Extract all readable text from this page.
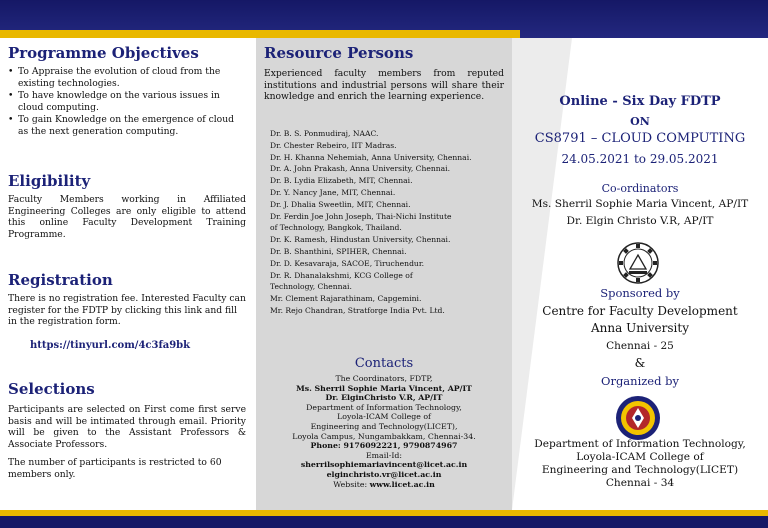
Programme Objectives
• To Appraise the evolution of cloud from the existing technologies.
• To have knowledge on the various issues in cloud computing.
• To gain Knowledge on the emergence of cloud as the next generation computing.
Eligibility
Faculty Members working in Affiliated Engineering Colleges are only eligible to attend this online Faculty Development Training Programme.
Registration
There is no registration fee. Interested Faculty can register for the FDTP by clicking this link and fill in the registration form.
https://tinyurl.com/4c3fa9bk
Selections
Participants are selected on First come first serve basis and will be intimated through email. Priority will be given to the Assistant Professors & Associate Professors.
The number of participants is restricted to 60 members only.
Resource Persons
Experienced faculty members from reputed institutions and industrial persons will share their knowledge and enrich the learning experience.
Dr. B. S. Ponmudiraj, NAAC.
Dr. Chester Rebeiro, IIT Madras.
Dr. H. Khanna Nehemiah, Anna University, Chennai.
Dr. A. John Prakash, Anna University, Chennai.
Dr. B. Lydia Elizabeth, MIT, Chennai.
Dr. Y. Nancy Jane, MIT, Chennai.
Dr. J. Dhalia Sweetlin, MIT, Chennai.
Dr. Ferdin Joe John Joseph, Thai-Nichi Institute
of Technology, Bangkok, Thailand.
Dr. K. Ramesh, Hindustan University, Chennai.
Dr. B. Shanthini, SPIHER, Chennai.
Dr. D. Kesavaraja, SACOE, Tiruchendur.
Dr. R. Dhanalakshmi, KCG College of
Technology, Chennai.
Mr. Clement Rajarathinam, Capgemini.
Mr. Rejo Chandran, Stratforge India Pvt. Ltd.
Contacts
The Coordinators, FDTP,
Ms. Sherril Sophie Maria Vincent, AP/IT
Dr. ElginChristo V.R, AP/IT
Department of Information Technology,
Loyola-ICAM College of
Engineering and Technology(LICET),
Loyola Campus, Nungambakkam, Chennai-34.
Phone: 9176092221, 9790874967
Email-Id:
sherrilsophiemariavincent@licet.ac.in
elginchristo.vr@licet.ac.in
Website: www.licet.ac.in
Online - Six Day FDTP
ON
CS8791 – CLOUD COMPUTING
24.05.2021 to 29.05.2021
Co-ordinators
Ms. Sherril Sophie Maria Vincent, AP/IT
Dr. Elgin Christo V.R, AP/IT
Sponsored by
Centre for Faculty Development
Anna University
Chennai - 25
&
Organized by
Department of Information Technology,
Loyola-ICAM College of
Engineering and Technology(LICET)
Chennai - 34
